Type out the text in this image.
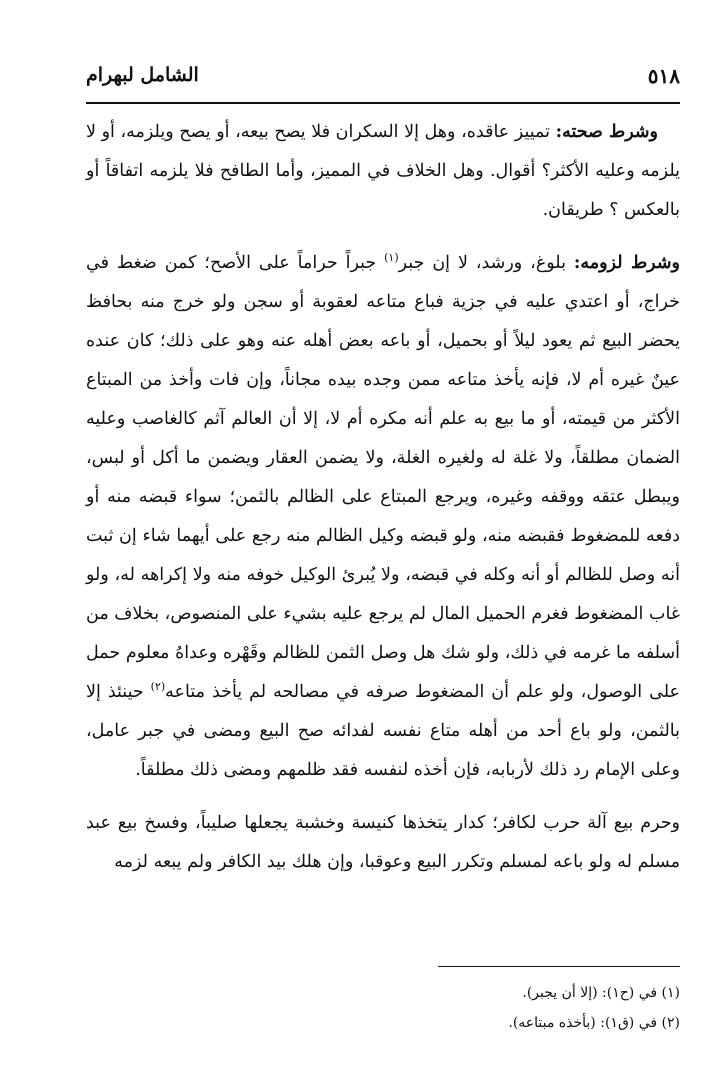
٥١٨
الشامل لبهرام

وشرط صحته: تمييز عاقده، وهل إلا السكران فلا يصح بيعه، أو يصح ويلزمه، أو لا يلزمه وعليه الأكثر؟ أقوال. وهل الخلاف في المميز، وأما الطافح فلا يلزمه اتفاقاً أو بالعكس ؟ طريقان.

وشرط لزومه: بلوغ، ورشد، لا إن جبر$^{(١)}$ جبراً حراماً على الأصح؛ كمن ضغط في خراج، أو اعتدي عليه في جزية فباع متاعه لعقوبة أو سجن ولو خرج منه بحافظ يحضر البيع ثم يعود ليلاً أو بحميل، أو باعه بعض أهله عنه وهو على ذلك؛ كان عنده عينٌ غيره أم لا، فإنه يأخذ متاعه ممن وجده بيده مجاناً، وإن فات وأخذ من المبتاع الأكثر من قيمته، أو ما بيع به علم أنه مكره أم لا، إلا أن العالم آثم كالغاصب وعليه الضمان مطلقاً، ولا غلة له ولغيره الغلة، ولا يضمن العقار ويضمن ما أكل أو لبس، ويبطل عتقه ووقفه وغيره، ويرجع المبتاع على الظالم بالثمن؛ سواء قبضه منه أو دفعه للمضغوط فقبضه منه، ولو قبضه وكيل الظالم منه رجع على أيهما شاء إن ثبت أنه وصل للظالم أو أنه وكله في قبضه، ولا يُبرئ الوكيل خوفه منه ولا إكراهه له، ولو غاب المضغوط فغرم الحميل المال لم يرجع عليه بشيء على المنصوص، بخلاف من أسلفه ما غرمه في ذلك، ولو شك هل وصل الثمن للظالم وقَهْره وعداهُ معلوم حمل على الوصول، ولو علم أن المضغوط صرفه في مصالحه لم يأخذ متاعه$^{(٢)}$ حينئذ إلا بالثمن، ولو باع أحد من أهله متاع نفسه لفدائه صح البيع ومضى في جبر عامل، وعلى الإمام رد ذلك لأربابه، فإن أخذه لنفسه فقد ظلمهم ومضى ذلك مطلقاً.

وحرم بيع آلة حرب لكافر؛ كدار يتخذها كنيسة وخشبة يجعلها صليباً، وفسخ بيع عبد مسلم له ولو باعه لمسلم وتكرر البيع وعوقبا، وإن هلك بيد الكافر ولم يبعه لزمه

(١) في (ح١): (إلا أن يجبر).

(٢) في (ق١): (بأخذه مبتاعه).
